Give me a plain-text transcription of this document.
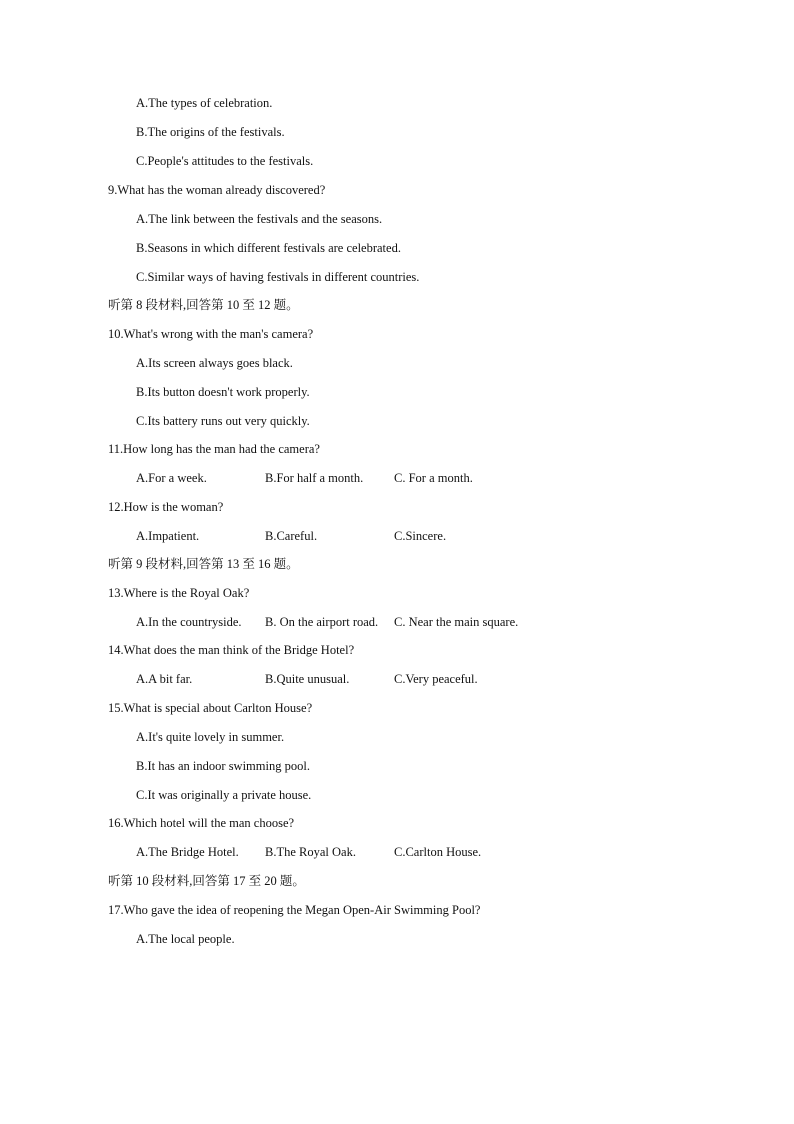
A.The types of celebration.
B.The origins of the festivals.
C.People's attitudes to the festivals.
9.What has the woman already discovered?
A.The link between the festivals and the seasons.
B.Seasons in which different festivals are celebrated.
C.Similar ways of having festivals in different countries.
听第 8 段材料,回答第 10 至 12 题。
10.What's wrong with the man's camera?
A.Its screen always goes black.
B.Its button doesn't work properly.
C.Its battery runs out very quickly.
11.How long has the man had the camera?
A.For a week.	B.For half a month. C. For a month.
12.How is the woman?
A.Impatient.	B.Careful.	C.Sincere.
听第 9 段材料,回答第 13 至 16 题。
13.Where is the Royal Oak?
A.In the countryside. B. On the airport road. C. Near the main square.
14.What does the man think of the Bridge Hotel?
A.A bit far.	B.Quite unusual.	C.Very peaceful.
15.What is special about Carlton House?
A.It's quite lovely in summer.
B.It has an indoor swimming pool.
C.It was originally a private house.
16.Which hotel will the man choose?
A.The Bridge Hotel. B.The Royal Oak.	C.Carlton House.
听第 10 段材料,回答第 17 至 20 题。
17.Who gave the idea of reopening the Megan Open-Air Swimming Pool?
A.The local people.
